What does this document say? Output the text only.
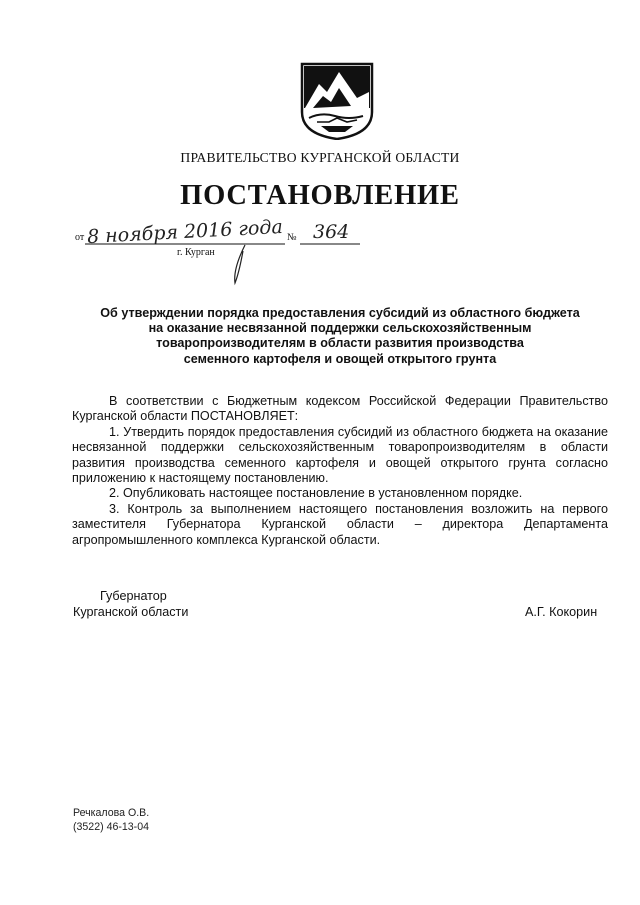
ПРАВИТЕЛЬСТВО КУРГАНСКОЙ ОБЛАСТИ
ПОСТАНОВЛЕНИЕ
от 8 ноября 2016 года № 364
г. Курган
Об утверждении порядка предоставления субсидий из областного бюджета
на оказание несвязанной поддержки сельскохозяйственным
товаропроизводителям в области развития производства
семенного картофеля и овощей открытого грунта
В соответствии с Бюджетным кодексом Российской Федерации Правительство Курганской области ПОСТАНОВЛЯЕТ:
1. Утвердить порядок предоставления субсидий из областного бюджета на оказание несвязанной поддержки сельскохозяйственным товаропроизводителям в области развития производства семенного картофеля и овощей открытого грунта согласно приложению к настоящему постановлению.
2. Опубликовать настоящее постановление в установленном порядке.
3. Контроль за выполнением настоящего постановления возложить на первого заместителя Губернатора Курганской области – директора Департамента агропромышленного комплекса Курганской области.
Губернатор
Курганской области	А.Г. Кокорин
Речкалова О.В.
(3522) 46-13-04
